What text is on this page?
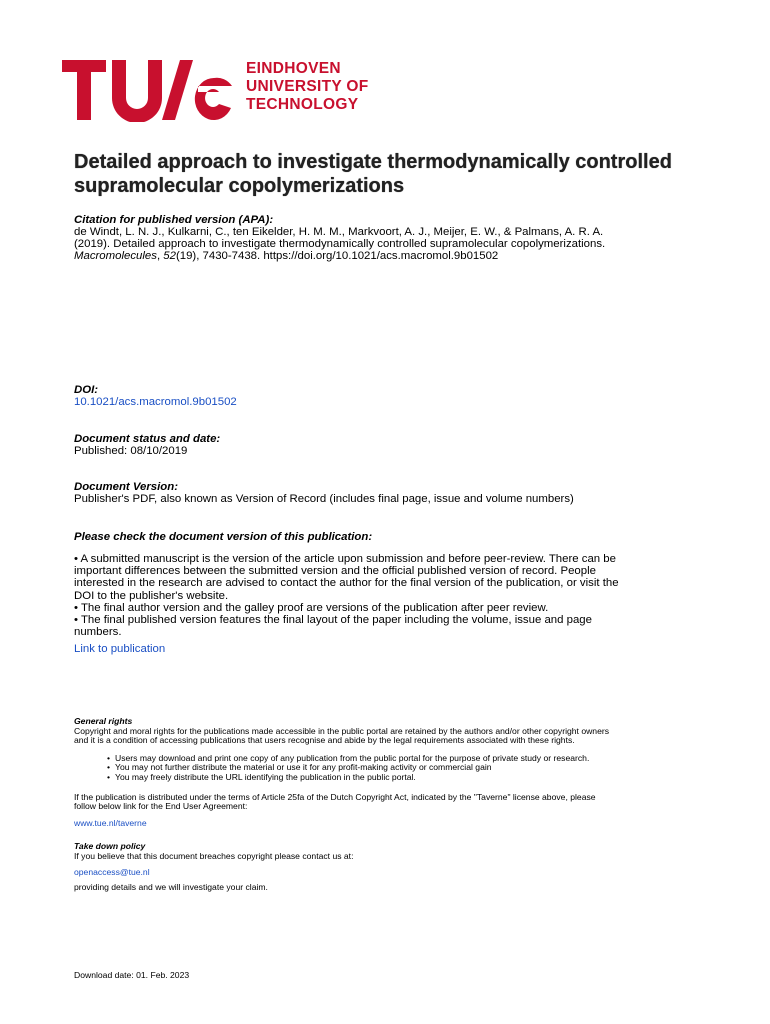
EINDHOVEN
UNIVERSITY OF
TECHNOLOGY
Detailed approach to investigate thermodynamically controlled
supramolecular copolymerizations
Citation for published version (APA):
de Windt, L. N. J., Kulkarni, C., ten Eikelder, H. M. M., Markvoort, A. J., Meijer, E. W., & Palmans, A. R. A.
(2019). Detailed approach to investigate thermodynamically controlled supramolecular copolymerizations.
Macromolecules, 52(19), 7430-7438. https://doi.org/10.1021/acs.macromol.9b01502
DOI:
10.1021/acs.macromol.9b01502
Document status and date:
Published: 08/10/2019
Document Version:
Publisher's PDF, also known as Version of Record (includes final page, issue and volume numbers)
Please check the document version of this publication:
• A submitted manuscript is the version of the article upon submission and before peer-review. There can be
important differences between the submitted version and the official published version of record. People
interested in the research are advised to contact the author for the final version of the publication, or visit the
DOI to the publisher's website.
• The final author version and the galley proof are versions of the publication after peer review.
• The final published version features the final layout of the paper including the volume, issue and page
numbers.
Link to publication
General rights
Copyright and moral rights for the publications made accessible in the public portal are retained by the authors and/or other copyright owners
and it is a condition of accessing publications that users recognise and abide by the legal requirements associated with these rights.
• Users may download and print one copy of any publication from the public portal for the purpose of private study or research.
• You may not further distribute the material or use it for any profit-making activity or commercial gain
• You may freely distribute the URL identifying the publication in the public portal.
If the publication is distributed under the terms of Article 25fa of the Dutch Copyright Act, indicated by the "Taverne" license above, please
follow below link for the End User Agreement:
www.tue.nl/taverne
Take down policy
If you believe that this document breaches copyright please contact us at:
openaccess@tue.nl
providing details and we will investigate your claim.
Download date: 01. Feb. 2023
